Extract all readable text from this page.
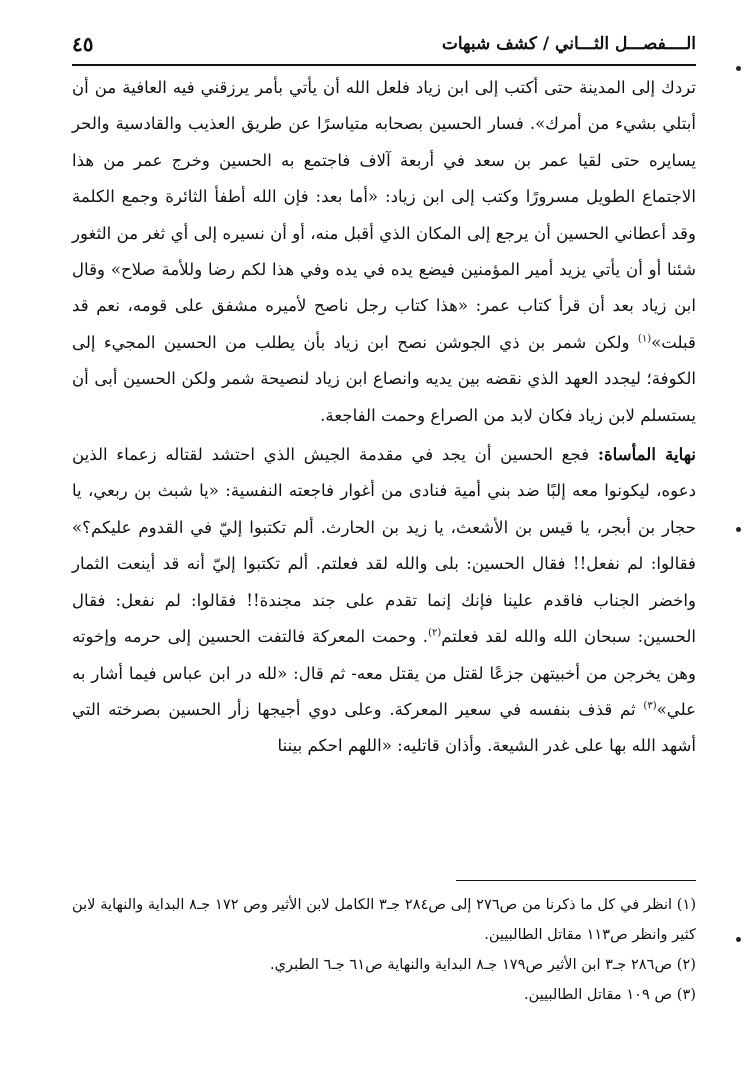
الــــفصـــل الثـــاني / كشف شبهات
٤٥

تردك إلى المدينة حتى أكتب إلى ابن زياد فلعل الله أن يأتي بأمر يرزقني فيه العافية من أن أبتلي بشيء من أمرك». فسار الحسين بصحابه متياسرًا عن طريق العذيب والقادسية والحر يسايره حتى لقيا عمر بن سعد في أربعة آلاف فاجتمع به الحسين وخرج عمر من هذا الاجتماع الطويل مسرورًا وكتب إلى ابن زياد: «أما بعد: فإن الله أطفأ الثائرة وجمع الكلمة وقد أعطاني الحسين أن يرجع إلى المكان الذي أقبل منه، أو أن نسيره إلى أي ثغر من الثغور شئنا أو أن يأتي يزيد أمير المؤمنين فيضع يده في يده وفي هذا لكم رضا وللأمة صلاح» وقال ابن زياد بعد أن قرأ كتاب عمر: «هذا كتاب رجل ناصح لأميره مشفق على قومه، نعم قد قبلت»$^{(١)}$ ولكن شمر بن ذي الجوشن نصح ابن زياد بأن يطلب من الحسين المجيء إلى الكوفة؛ ليجدد العهد الذي نقضه بين يديه وانصاع ابن زياد لنصيحة شمر ولكن الحسين أبى أن يستسلم لابن زياد فكان لابد من الصراع وحمت الفاجعة.

نهاية المأساة: فجع الحسين أن يجد في مقدمة الجيش الذي احتشد لقتاله زعماء الذين دعوه، ليكونوا معه إلبًا ضد بني أمية فنادى من أغوار فاجعته النفسية: «يا شبث بن ربعي، يا حجار بن أبجر، يا قيس بن الأشعث، يا زيد بن الحارث. ألم تكتبوا إليّ في القدوم عليكم؟» فقالوا: لم نفعل!! فقال الحسين: بلى والله لقد فعلتم. ألم تكتبوا إليّ أنه قد أينعت الثمار واخضر الجناب فاقدم علينا فإنك إنما تقدم على جند مجندة!! فقالوا: لم نفعل: فقال الحسين: سبحان الله والله لقد فعلتم$^{(٢)}$. وحمت المعركة فالتفت الحسين إلى حرمه وإخوته وهن يخرجن من أخبيتهن جزعًا لقتل من يقتل معه- ثم قال: «لله در ابن عباس فيما أشار به علي»$^{(٣)}$ ثم قذف بنفسه في سعير المعركة. وعلى دوي أجيجها زأر الحسين بصرخته التي أشهد الله بها على غدر الشيعة. وأذان قاتليه: «اللهم احكم بيننا

(١) انظر في كل ما ذكرنا من ص٢٧٦ إلى ص٢٨٤ جـ٣ الكامل لابن الأثير وص ١٧٢ جـ٨ البداية والنهاية لابن كثير وانظر ص١١٣ مقاتل الطالبيين.

(٢) ص٢٨٦ جـ٣ ابن الأثير ص١٧٩ جـ٨ البداية والنهاية ص٦١ جـ٦ الطبري.

(٣) ص ١٠٩ مقاتل الطالبيين.
